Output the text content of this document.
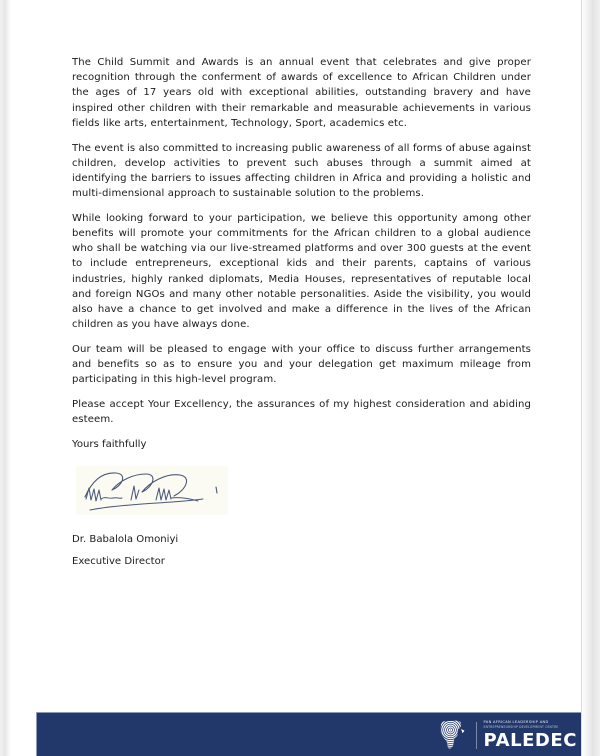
The Child Summit and Awards is an annual event that celebrates and give proper recognition through the conferment of awards of excellence to African Children under the ages of 17 years old with exceptional abilities, outstanding bravery and have inspired other children with their remarkable and measurable achievements in various fields like arts, entertainment, Technology, Sport, academics etc.

The event is also committed to increasing public awareness of all forms of abuse against children, develop activities to prevent such abuses through a summit aimed at identifying the barriers to issues affecting children in Africa and providing a holistic and multi-dimensional approach to sustainable solution to the problems.

While looking forward to your participation, we believe this opportunity among other benefits will promote your commitments for the African children to a global audience who shall be watching via our live-streamed platforms and over 300 guests at the event to include entrepreneurs, exceptional kids and their parents, captains of various industries, highly ranked diplomats, Media Houses, representatives of reputable local and foreign NGOs and many other notable personalities. Aside the visibility, you would also have a chance to get involved and make a difference in the lives of the African children as you have always done.

Our team will be pleased to engage with your office to discuss further arrangements and benefits so as to ensure you and your delegation get maximum mileage from participating in this high-level program.

Please accept Your Excellency, the assurances of my highest consideration and abiding esteem.

Yours faithfully
Dr. Babalola Omoniyi
Executive Director
PAN AFRICAN LEADERSHIP AND
ENTREPRENEURSHIP DEVELOPMENT CENTRE
PALEDEC
